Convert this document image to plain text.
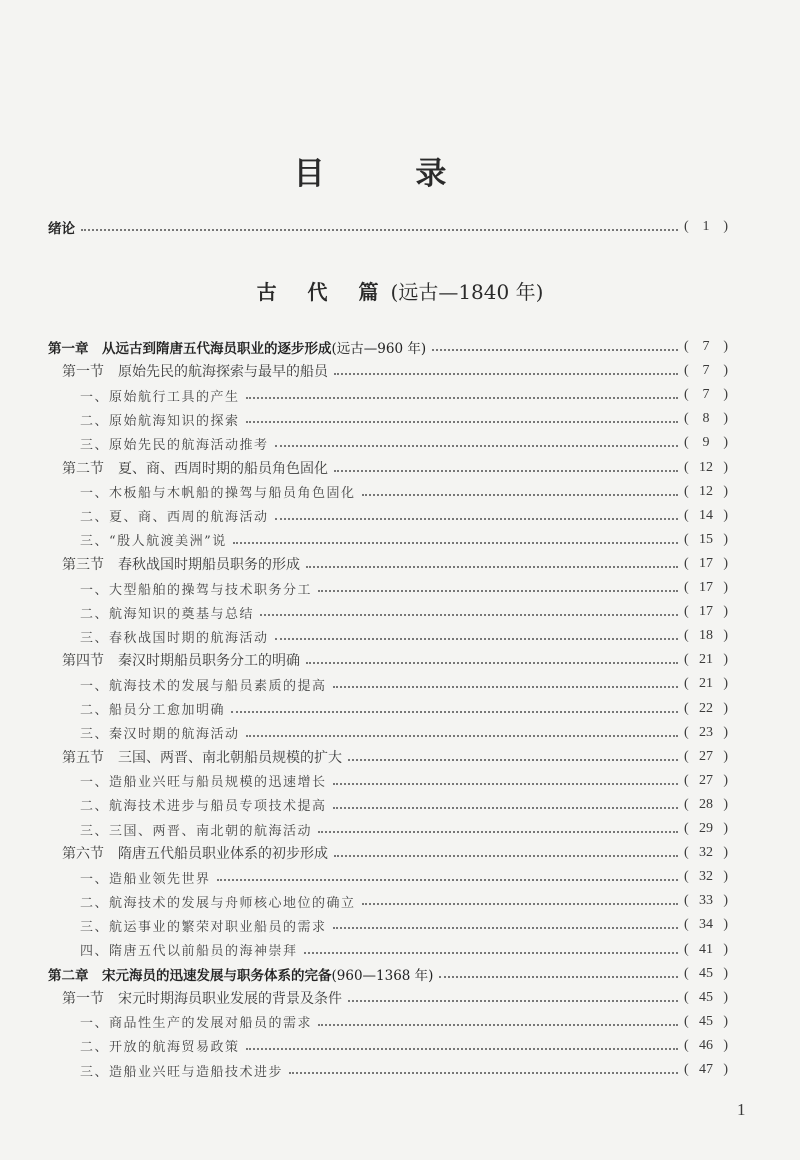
目 录
绪论	( 1 )
古 代 篇(远古—1840 年)
第一章　从远古到隋唐五代海员职业的逐步形成(远古—960 年)	( 7 )
第一节　原始先民的航海探索与最早的船员	( 7 )
一、原始航行工具的产生	( 7 )
二、原始航海知识的探索	( 8 )
三、原始先民的航海活动推考	( 9 )
第二节　夏、商、西周时期的船员角色固化	( 12 )
一、木板船与木帆船的操驾与船员角色固化	( 12 )
二、夏、商、西周的航海活动	( 14 )
三、“殷人航渡美洲”说	( 15 )
第三节　春秋战国时期船员职务的形成	( 17 )
一、大型船舶的操驾与技术职务分工	( 17 )
二、航海知识的奠基与总结	( 17 )
三、春秋战国时期的航海活动	( 18 )
第四节　秦汉时期船员职务分工的明确	( 21 )
一、航海技术的发展与船员素质的提高	( 21 )
二、船员分工愈加明确	( 22 )
三、秦汉时期的航海活动	( 23 )
第五节　三国、两晋、南北朝船员规模的扩大	( 27 )
一、造船业兴旺与船员规模的迅速增长	( 27 )
二、航海技术进步与船员专项技术提高	( 28 )
三、三国、两晋、南北朝的航海活动	( 29 )
第六节　隋唐五代船员职业体系的初步形成	( 32 )
一、造船业领先世界	( 32 )
二、航海技术的发展与舟师核心地位的确立	( 33 )
三、航运事业的繁荣对职业船员的需求	( 34 )
四、隋唐五代以前船员的海神崇拜	( 41 )
第二章　宋元海员的迅速发展与职务体系的完备(960—1368 年)	( 45 )
第一节　宋元时期海员职业发展的背景及条件	( 45 )
一、商品性生产的发展对船员的需求	( 45 )
二、开放的航海贸易政策	( 46 )
三、造船业兴旺与造船技术进步	( 47 )
1
